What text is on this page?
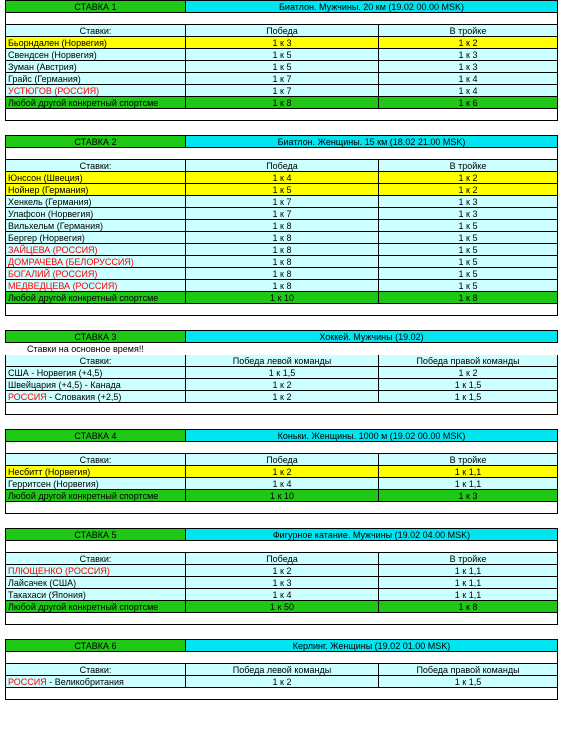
СТАВКА 1	Биатлон. Мужчины. 20 км (19.02 00.00 MSK)
Ставки:	Победа	В тройке
Бьорндален (Норвегия)	1 к 3	1 к 2
Свендсен (Норвегия)	1 к 5	1 к 3
Зуман (Австрия)	1 к 5	1 к 3
Грайс (Германия)	1 к 7	1 к 4
УСТЮГОВ (РОССИЯ)	1 к 7	1 к 4
Любой другой конкретный спортсме	1 к 8	1 к 6
СТАВКА 2	Биатлон. Женщины. 15 км (18.02 21.00 MSK)
Ставки:	Победа	В тройке
Юнссон (Швеция)	1 к 4	1 к 2
Нойнер (Германия)	1 к 5	1 к 2
Хенкель (Германия)	1 к 7	1 к 3
Улафсон (Норвегия)	1 к 7	1 к 3
Вильхельм (Германия)	1 к 8	1 к 5
Бергер (Норвегия)	1 к 8	1 к 5
ЗАЙЦЕВА (РОССИЯ)	1 к 8	1 к 5
ДОМРАЧЕВА (БЕЛОРУССИЯ)	1 к 8	1 к 5
БОГАЛИЙ (РОССИЯ)	1 к 8	1 к 5
МЕДВЕДЦЕВА (РОССИЯ)	1 к 8	1 к 5
Любой другой конкретный спортсме	1 к 10	1 к 8
СТАВКА 3	Хоккей. Мужчины (19.02)
Ставки на основное время!!
Ставки:	Победа левой команды	Победа правой команды
США - Норвегия (+4,5)	1 к 1,5	1 к 2
Швейцария (+4,5) - Канада	1 к 2	1 к 1,5
РОССИЯ - Словакия (+2,5)	1 к 2	1 к 1,5
СТАВКА 4	Коньки. Женщины. 1000 м (19.02 00.00 MSK)
Ставки:	Победа	В тройке
Несбитт (Норвегия)	1 к 2	1 к 1,1
Герритсен (Норвегия)	1 к 4	1 к 1,1
Любой другой конкретный спортсме	1 к 10	1 к 3
СТАВКА 5	Фигурное катание. Мужчины (19.02 04.00 MSK)
Ставки:	Победа	В тройке
ПЛЮЩЕНКО (РОССИЯ)	1 к 2	1 к 1,1
Лайсачек (США)	1 к 3	1 к 1,1
Такахаси (Япония)	1 к 4	1 к 1,1
Любой другой конкретный спортсме	1 к 50	1 к 8
СТАВКА 6	Керлинг. Женщины (19.02 01.00 MSK)
Ставки:	Победа левой команды	Победа правой команды
РОССИЯ - Великобритания	1 к 2	1 к 1,5
